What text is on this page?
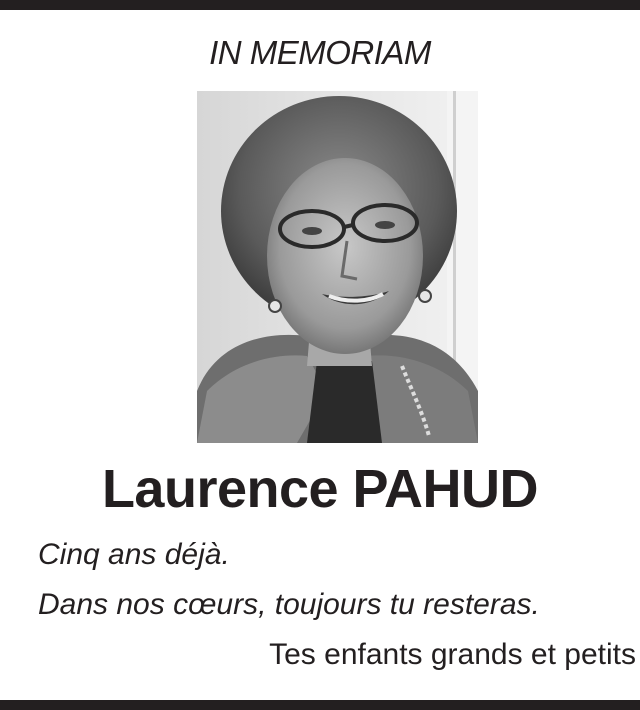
IN MEMORIAM
Laurence PAHUD
Cinq ans déjà.
Dans nos cœurs, toujours tu resteras.
Tes enfants grands et petits
